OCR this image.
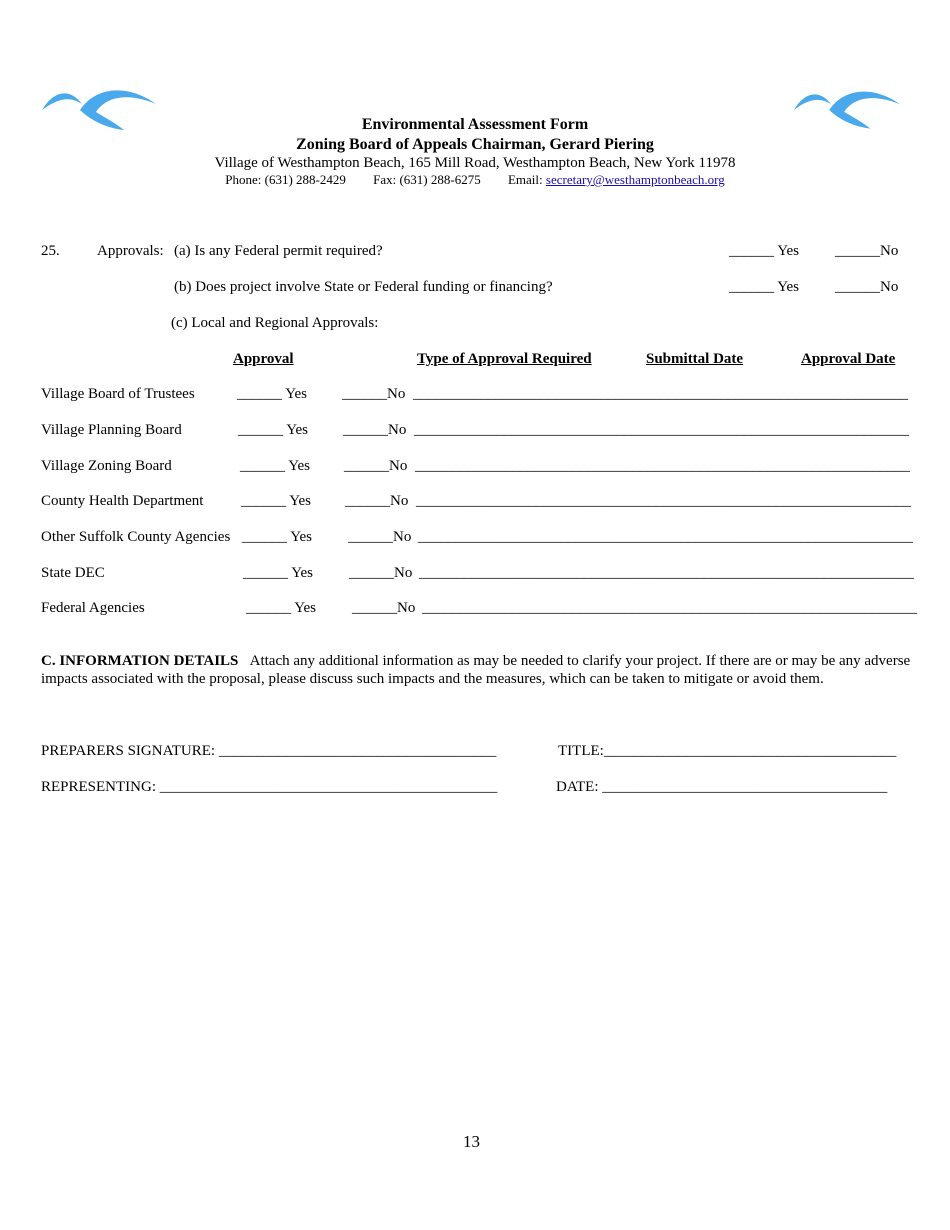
Environmental Assessment Form
Zoning Board of Appeals Chairman, Gerard Piering
Village of Westhampton Beach, 165 Mill Road, Westhampton Beach, New York 11978
Phone: (631) 288-2429 Fax: (631) 288-6275 Email: secretary@westhamptonbeach.org
25. Approvals: (a) Is any Federal permit required?	______ Yes ______No
(b) Does project involve State or Federal funding or financing?	______ Yes ______No
(c) Local and Regional Approvals:
Approval	Type of Approval Required	Submittal Date	Approval Date
Village Board of Trustees	______ Yes ______No __________________________________________________________________
Village Planning Board	______ Yes ______No __________________________________________________________________
Village Zoning Board	______ Yes ______No __________________________________________________________________
County Health Department	______ Yes ______No __________________________________________________________________
Other Suffolk County Agencies ______ Yes ______No __________________________________________________________________
State DEC	______ Yes ______No __________________________________________________________________
Federal Agencies	______ Yes ______No __________________________________________________________________
C. INFORMATION DETAILS Attach any additional information as may be needed to clarify your project. If there are or may be any adverse impacts associated with the proposal, please discuss such impacts and the measures, which can be taken to mitigate or avoid them.
PREPARERS SIGNATURE: _____________________________________	TITLE:_______________________________________
REPRESENTING: _____________________________________________	DATE: ______________________________________
13
